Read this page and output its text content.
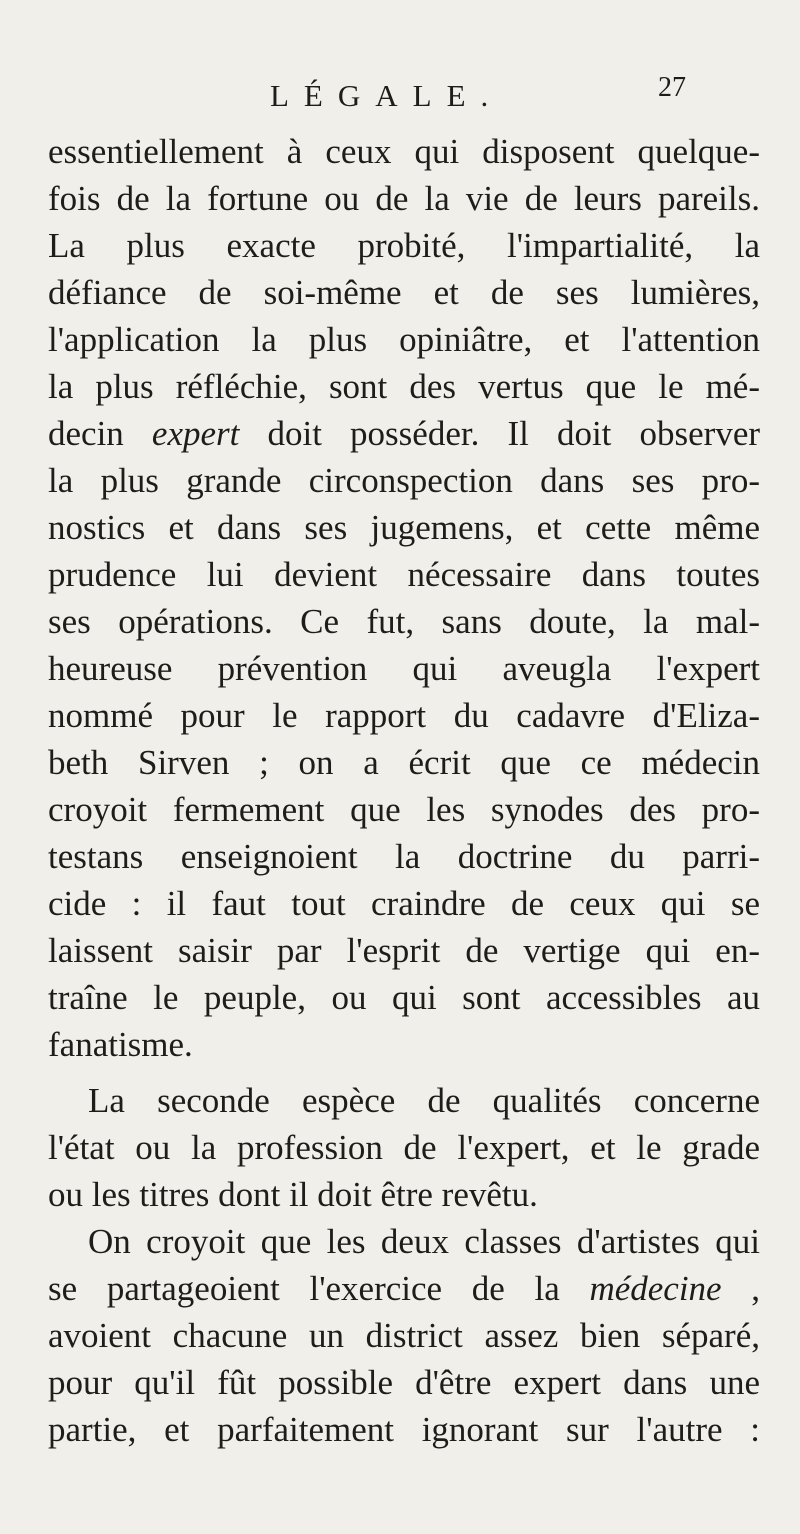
LÉGALE.	27
essentiellement à ceux qui disposent quelque-
fois de la fortune ou de la vie de leurs pareils.
La plus exacte probité, l'impartialité, la
défiance de soi-même et de ses lumières,
l'application la plus opiniâtre, et l'attention
la plus réfléchie, sont des vertus que le mé-
decin expert doit posséder. Il doit observer
la plus grande circonspection dans ses pro-
nostics et dans ses jugemens, et cette même
prudence lui devient nécessaire dans toutes
ses opérations. Ce fut, sans doute, la mal-
heureuse prévention qui aveugla l'expert
nommé pour le rapport du cadavre d'Eliza-
beth Sirven ; on a écrit que ce médecin
croyoit fermement que les synodes des pro-
testans enseignoient la doctrine du parri-
cide : il faut tout craindre de ceux qui se
laissent saisir par l'esprit de vertige qui en-
traîne le peuple, ou qui sont accessibles au
fanatisme.
La seconde espèce de qualités concerne
l'état ou la profession de l'expert, et le grade
ou les titres dont il doit être revêtu.
On croyoit que les deux classes d'artistes qui
se partageoient l'exercice de la médecine ,
avoient chacune un district assez bien séparé,
pour qu'il fût possible d'être expert dans une
partie, et parfaitement ignorant sur l'autre :
